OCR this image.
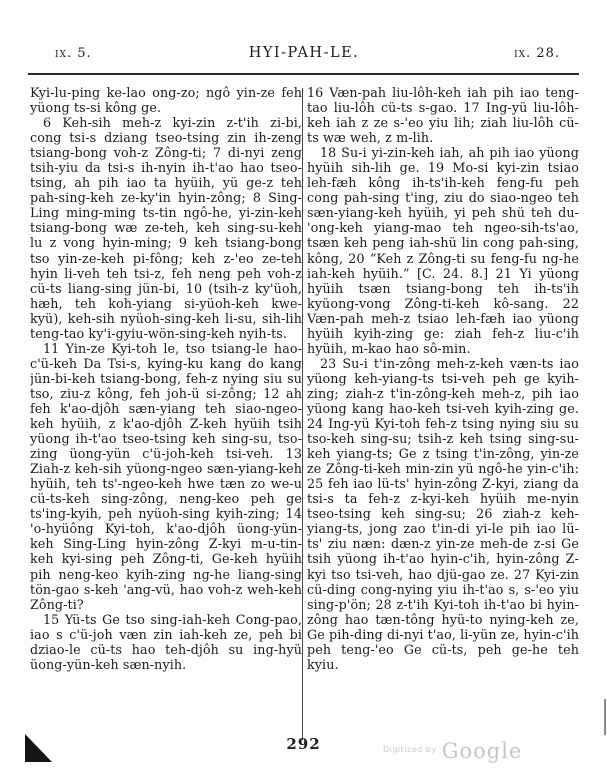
ix. 5.	HYI-PAH-LE.	ix. 28.

Kyi-lu-ping ke-lao ong-zo; ngô yin-ze feh yüong ts-si kông ge.

6 Keh-sih meh-z kyi-zin z-t'ih zi-bi, cong tsi-s dziang tseo-tsing zin ih-zeng tsiang-bong voh-z Zông-ti; 7 di-nyi zeng tsih-yiu da tsi-s ih-nyin ih-t'ao hao tseo-tsing, ah pih iao ta hyüih, yü ge-z teh pah-sing-keh ze-ky'in hyin-zông; 8 Sing-Ling ming-ming ts-tin ngô-he, yi-zin-keh tsiang-bong wæ ze-teh, keh sing-su-keh lu z vong hyin-ming; 9 keh tsiang-bong tso yin-ze-keh pi-fông; keh z-'eo ze-teh hyin li-veh teh tsi-z, feh neng peh voh-z cü-ts liang-sing jün-bi, 10 (tsih-z ky'üoh, hæh, teh koh-yiang si-yüoh-keh kwe-kyü), keh-sih nyüoh-sing-keh li-su, sih-lih teng-tao ky'i-gyiu-wön-sing-keh nyih-ts.

11 Yin-ze Kyi-toh le, tso tsiang-le hao-c'ü-keh Da Tsi-s, kying-ku kang do kang jün-bi-keh tsiang-bong, feh-z nying siu su tso, ziu-z kông, feh joh-ü si-zông; 12 ah feh k'ao-djôh sæn-yiang teh siao-ngeo-keh hyüih, z k'ao-djôh Z-keh hyüih tsih yüong ih-t'ao tseo-tsing keh sing-su, tso-zing üong-yün c'ü-joh-keh tsi-veh. 13 Ziah-z keh-sih yüong-ngeo sæn-yiang-keh hyüih, teh ts'-ngeo-keh hwe tæn zo we-u cü-ts-keh sing-zông, neng-keo peh ge ts'ing-kyih, peh nyüoh-sing kyih-zing; 14 'o-hyüông Kyi-toh, k'ao-djôh üong-yün-keh Sing-Ling hyin-zông Z-kyi m-u-tin-keh kyi-sing peh Zông-ti, Ge-keh hyüih pih neng-keo kyih-zing ng-he liang-sing tön-gao s-keh 'ang-vü, hao voh-z weh-keh Zông-ti?

15 Yü-ts Ge tso sing-iah-keh Cong-pao, iao s c'ü-joh væn zin iah-keh ze, peh bi dziao-le cü-ts hao teh-djôh su ing-hyü üong-yün-keh sæn-nyih.

16 Væn-pah liu-lôh-keh iah pih iao teng-tao liu-lôh cü-ts s-gao. 17 Ing-yü liu-lôh-keh iah z ze s-'eo yiu lih; ziah liu-lôh cü-ts wæ weh, z m-lih.

18 Su-i yi-zin-keh iah, ah pih iao yüong hyüih sih-lih ge. 19 Mo-si kyi-zin tsiao leh-fæh kông ih-ts'ih-keh feng-fu peh cong pah-sing t'ing, ziu do siao-ngeo teh sæn-yiang-keh hyüih, yi peh shü teh du-'ong-keh yiang-mao teh ngeo-sih-ts'ao, tsæn keh peng iah-shü lin cong pah-sing, kông, 20 “Keh z Zông-ti su feng-fu ng-he iah-keh hyüih.” [C. 24. 8.] 21 Yi yüong hyüih tsæn tsiang-bong teh ih-ts'ih kyüong-vong Zông-ti-keh kô-sang. 22 Væn-pah meh-z tsiao leh-fæh iao yüong hyüih kyih-zing ge: ziah feh-z liu-c'ih hyüih, m-kao hao sô-min.

23 Su-i t'in-zông meh-z-keh væn-ts iao yüong keh-yiang-ts tsi-veh peh ge kyih-zing; ziah-z t'in-zông-keh meh-z, pih iao yüong kang hao-keh tsi-veh kyih-zing ge. 24 Ing-yü Kyi-toh feh-z tsing nying siu su tso-keh sing-su; tsih-z keh tsing sing-su-keh yiang-ts; Ge z tsing t'in-zông, yin-ze ze Zông-ti-keh min-zin yü ngô-he yin-c'ih: 25 feh iao lü-ts' hyin-zông Z-kyi, ziang da tsi-s ta feh-z z-kyi-keh hyüih me-nyin tseo-tsing keh sing-su; 26 ziah-z keh-yiang-ts, jong zao t'in-di yi-le pih iao lü-ts' ziu næn: dæn-z yin-ze meh-de z-si Ge tsih yüong ih-t'ao hyin-c'ih, hyin-zông Z-kyi tso tsi-veh, hao djü-gao ze. 27 Kyi-zin cü-ding cong-nying yiu ih-t'ao s, s-'eo yiu sing-p'ön; 28 z-t'ih Kyi-toh ih-t'ao bi hyin-zông hao tæn-tông hyü-to nying-keh ze, Ge pih-ding di-nyi t'ao, li-yün ze, hyin-c'ih peh teng-'eo Ge cü-ts, peh ge-he teh kyiu.

292	$^{Digitized by}$ Google
